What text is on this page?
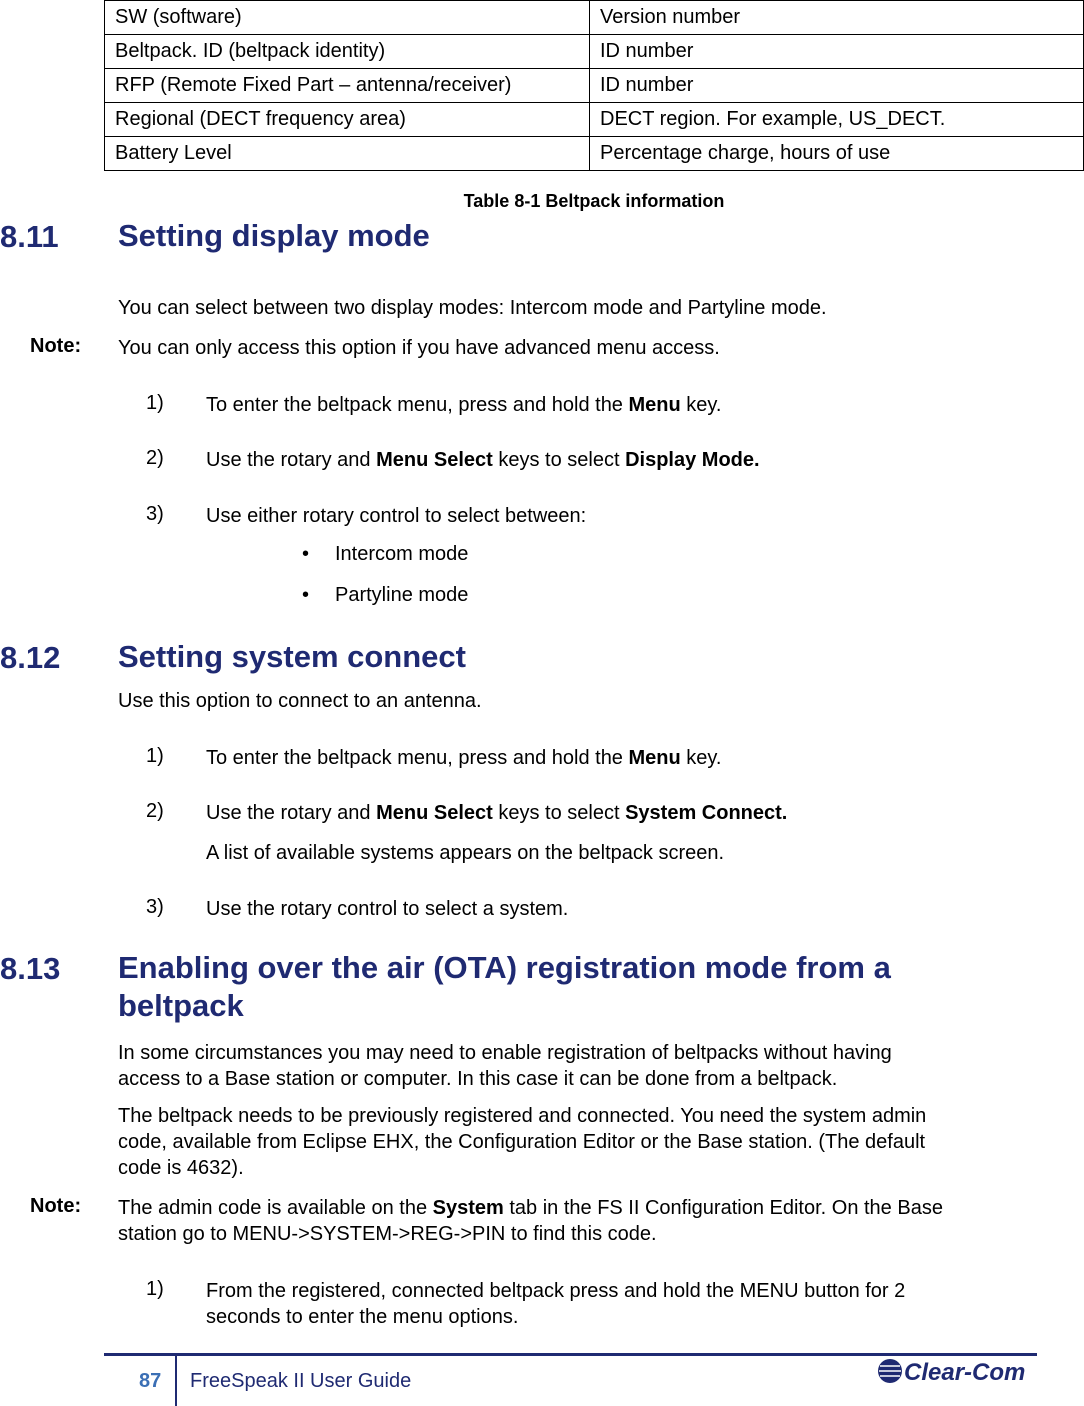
SW (software)	Version number
Beltpack. ID (beltpack identity)	ID number
RFP (Remote Fixed Part – antenna/receiver)	ID number
Regional (DECT frequency area)	DECT region. For example, US_DECT.
Battery Level	Percentage charge, hours of use
Table 8-1 Beltpack information
8.11 Setting display mode
You can select between two display modes: Intercom mode and Partyline mode.
Note: You can only access this option if you have advanced menu access.
1) To enter the beltpack menu, press and hold the Menu key.
2) Use the rotary and Menu Select keys to select Display Mode.
3) Use either rotary control to select between:
• Intercom mode
• Partyline mode
8.12 Setting system connect
Use this option to connect to an antenna.
1) To enter the beltpack menu, press and hold the Menu key.
2) Use the rotary and Menu Select keys to select System Connect.
A list of available systems appears on the beltpack screen.
3) Use the rotary control to select a system.
8.13 Enabling over the air (OTA) registration mode from a
beltpack
In some circumstances you may need to enable registration of beltpacks without having
access to a Base station or computer. In this case it can be done from a beltpack.
The beltpack needs to be previously registered and connected. You need the system admin
code, available from Eclipse EHX, the Configuration Editor or the Base station. (The default
code is 4632).
Note: The admin code is available on the System tab in the FS II Configuration Editor. On the Base
station go to MENU->SYSTEM->REG->PIN to find this code.
1) From the registered, connected beltpack press and hold the MENU button for 2
seconds to enter the menu options.
87 FreeSpeak II User Guide	Clear-Com
